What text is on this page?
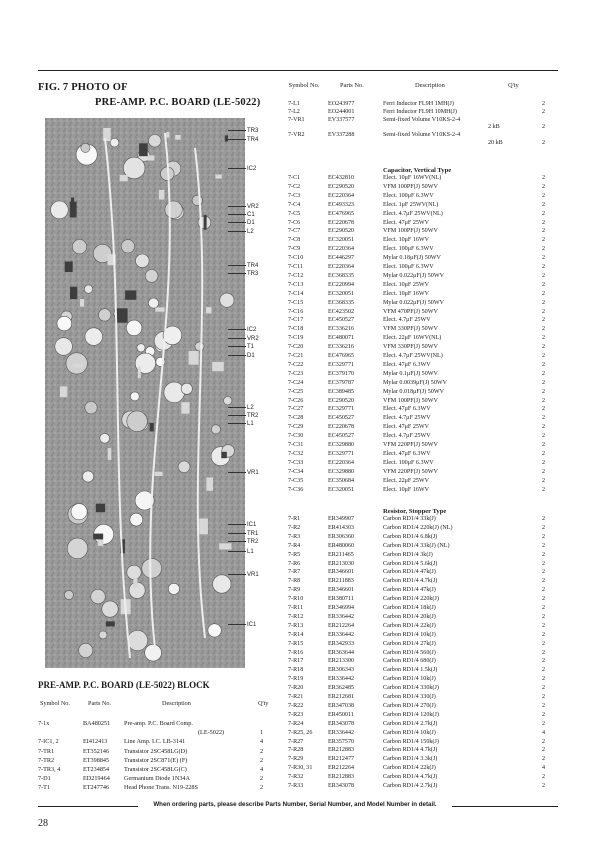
FIG. 7 PHOTO OF
PRE-AMP. P.C. BOARD (LE-5022)
TR3
TR4
IC2
VR2
C1
D1
L2
TR4
TR3
IC2
VR2
T1
D1
L2
TR2
L1
VR1
IC1
TR1
TR2
L1
VR1
IC1
PRE-AMP. P.C. BOARD (LE-5022) BLOCK
Symbol No.	Parts No.	Description	Q'ty
7-1x	BA480251 Pre-amp. P.C. Board Comp.
(LE-5022)	1
7-IC1, 2	EI412413	Line Amp. I.C. LB-3141	4
7-TR1	ET352146 Transistor 2SC458LG(D)	2
7-TR2	ET398845 Transistor 2SC871(E) (F)	2
7-TR3, 4	ET234854 Transistor 2SC458LG(C)	4
7-D1	ED219464 Germanium Diode 1N34A	2
7-T1	ET247746 Head Phone Trans. N19-228S	2
Symbol No.	Parts No.	Description	Q'ty
7-L1	EO243977	Ferri Inductor FL9H 1MH(J)	2
7-L2	EO244001	Ferri Inductor FL9H 10MH(J)	2
7-VR1	EV337577	Semi-fixed Volume V10KS-2-4
2 kB	2
7-VR2	EV337288	Semi-fixed Volume V10KS-2-4
20 kB	2
Capacitor, Vertical Type
7-C1	EC432810	Elect. 10μF 16WV(NL)	2
7-C2	EC290520	VFM 100PF(J) 50WV	2
7-C3	EC220364	Elect. 100μF 6.3WV	2
7-C4	EC493323	Elect. 1μF 25WV(NL)	2
7-C5	EC476965	Elect. 4.7μF 25WV(NL)	2
7-C6	EC220678	Elect. 47μF 25WV	2
7-C7	EC290520	VFM 100PF(J) 50WV	2
7-C8	EC320051	Elect. 10μF 16WV	2
7-C9	EC220364	Elect. 100μF 6.3WV	2
7-C10	EC446297	Mylar 0.18μF(J) 50WV	2
7-C11	EC220364	Elect. 100μF 6.3WV	2
7-C12	EC368335	Mylar 0.022μF(J) 50WV	2
7-C13	EC220994	Elect. 10μF 25WV	2
7-C14	EC320051	Elect. 10μF 16WV	2
7-C15	EC368335	Mylar 0.022μF(J) 50WV	2
7-C16	EC423502	VFM 470PF(J) 50WV	2
7-C17	EC450527	Elect. 4.7μF 25WV	2
7-C18	EC336216	VFM 330PF(J) 50WV	2
7-C19	EC480071	Elect. 22μF 16WV(NL)	2
7-C20	EC336216	VFM 330PF(J) 50WV	2
7-C21	EC476965	Elect. 4.7μF 25WV(NL)	2
7-C22	EC329771	Elect. 47μF 6.3WV	2
7-C23	EC379170	Mylar 0.1μF(J) 50WV	2
7-C24	EC379787	Mylar 0.0039μF(J) 50WV	2
7-C25	EC389485	Mylar 0.018μF(J) 50WV	2
7-C26	EC290520	VFM 100PF(J) 50WV	2
7-C27	EC329771	Elect. 47μF 6.3WV	2
7-C28	EC450527	Elect. 4.7μF 25WV	2
7-C29	EC220678	Elect. 47μF 25WV	2
7-C30	EC450527	Elect. 4.7μF 25WV	2
7-C31	EC329880	VFM 220PF(J) 50WV	2
7-C32	EC329771	Elect. 47μF 6.3WV	2
7-C33	EC220364	Elect. 100μF 6.3WV	2
7-C34	EC329880	VFM 220PF(J) 50WV	2
7-C35	EC350684	Elect. 22μF 25WV	2
7-C36	EC320051	Elect. 10μF 16WV	2
Resistor, Stopper Type
7-R1	ER349907	Carbon RD1/4 33k(J)	2
7-R2	ER414303	Carbon RD1/4 220k(J) (NL)	2
7-R3	ER306360	Carbon RD1/4 6.8k(J)	2
7-R4	ER480060	Carbon RD1/4 33k(J) (NL)	2
7-R5	ER211465	Carbon RD1/4 3k(J)	2
7-R6	ER213030	Carbon RD1/4 5.6k(J)	2
7-R7	ER346601	Carbon RD1/4 47k(J)	2
7-R8	ER211883	Carbon RD1/4 4.7k(J)	2
7-R9	ER346601	Carbon RD1/4 47k(J)	2
7-R10	ER380711	Carbon RD1/4 220k(J)	2
7-R11	ER346994	Carbon RD1/4 18k(J)	2
7-R12	ER336442	Carbon RD1/4 20k(J)	2
7-R13	ER212264	Carbon RD1/4 22k(J)	2
7-R14	ER336442	Carbon RD1/4 10k(J)	2
7-R15	ER342933	Carbon RD1/4 27k(J)	2
7-R16	ER363644	Carbon RD1/4 560(J)	2
7-R17	ER213300	Carbon RD1/4 680(J)	2
7-R18	ER306343	Carbon RD1/4 1.5k(J)	2
7-R19	ER336442	Carbon RD1/4 10k(J)	2
7-R20	ER362485	Carbon RD1/4 330k(J)	2
7-R21	ER212681	Carbon RD1/4 330(J)	2
7-R22	ER347038	Carbon RD1/4 270(J)	2
7-R23	ER450011	Carbon RD1/4 120k(J)	2
7-R24	ER343078	Carbon RD1/4 2.7k(J)	2
7-R25, 26	ER336442	Carbon RD1/4 10k(J)	4
7-R27	ER357570	Carbon RD1/4 150k(J)	2
7-R28	ER212883	Carbon RD1/4 4.7k(J)	2
7-R29	ER212477	Carbon RD1/4 3.3k(J)	2
7-R30, 31	ER212264	Carbon RD1/4 22k(J)	4
7-R32	ER212883	Carbon RD1/4 4.7k(J)	2
7-R33	ER343078	Carbon RD1/4 2.7k(J)	2
When ordering parts, please describe Parts Number, Serial Number, and Model Number in detail.
28
